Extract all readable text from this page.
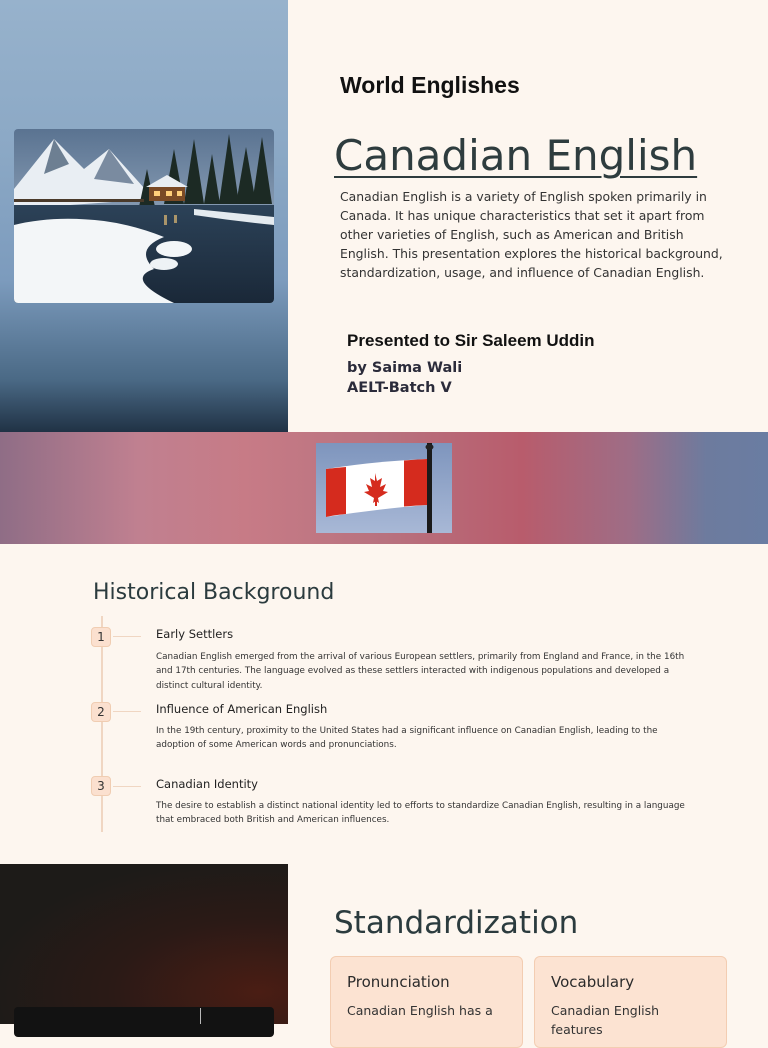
World Englishes
Canadian English
Canadian English is a variety of English spoken primarily in Canada. It has unique characteristics that set it apart from other varieties of English, such as American and British English. This presentation explores the historical background, standardization, usage, and influence of Canadian English.
Presented to Sir Saleem Uddin
by Saima Wali
AELT-Batch V
Historical Background
1	Early Settlers
Canadian English emerged from the arrival of various European settlers, primarily from England and France, in the 16th and 17th centuries. The language evolved as these settlers interacted with indigenous populations and developed a distinct cultural identity.
2	Influence of American English
In the 19th century, proximity to the United States had a significant influence on Canadian English, leading to the adoption of some American words and pronunciations.
3	Canadian Identity
The desire to establish a distinct national identity led to efforts to standardize Canadian English, resulting in a language that embraced both British and American influences.
Standardization
Pronunciation
Canadian English has a
Vocabulary
Canadian English features
